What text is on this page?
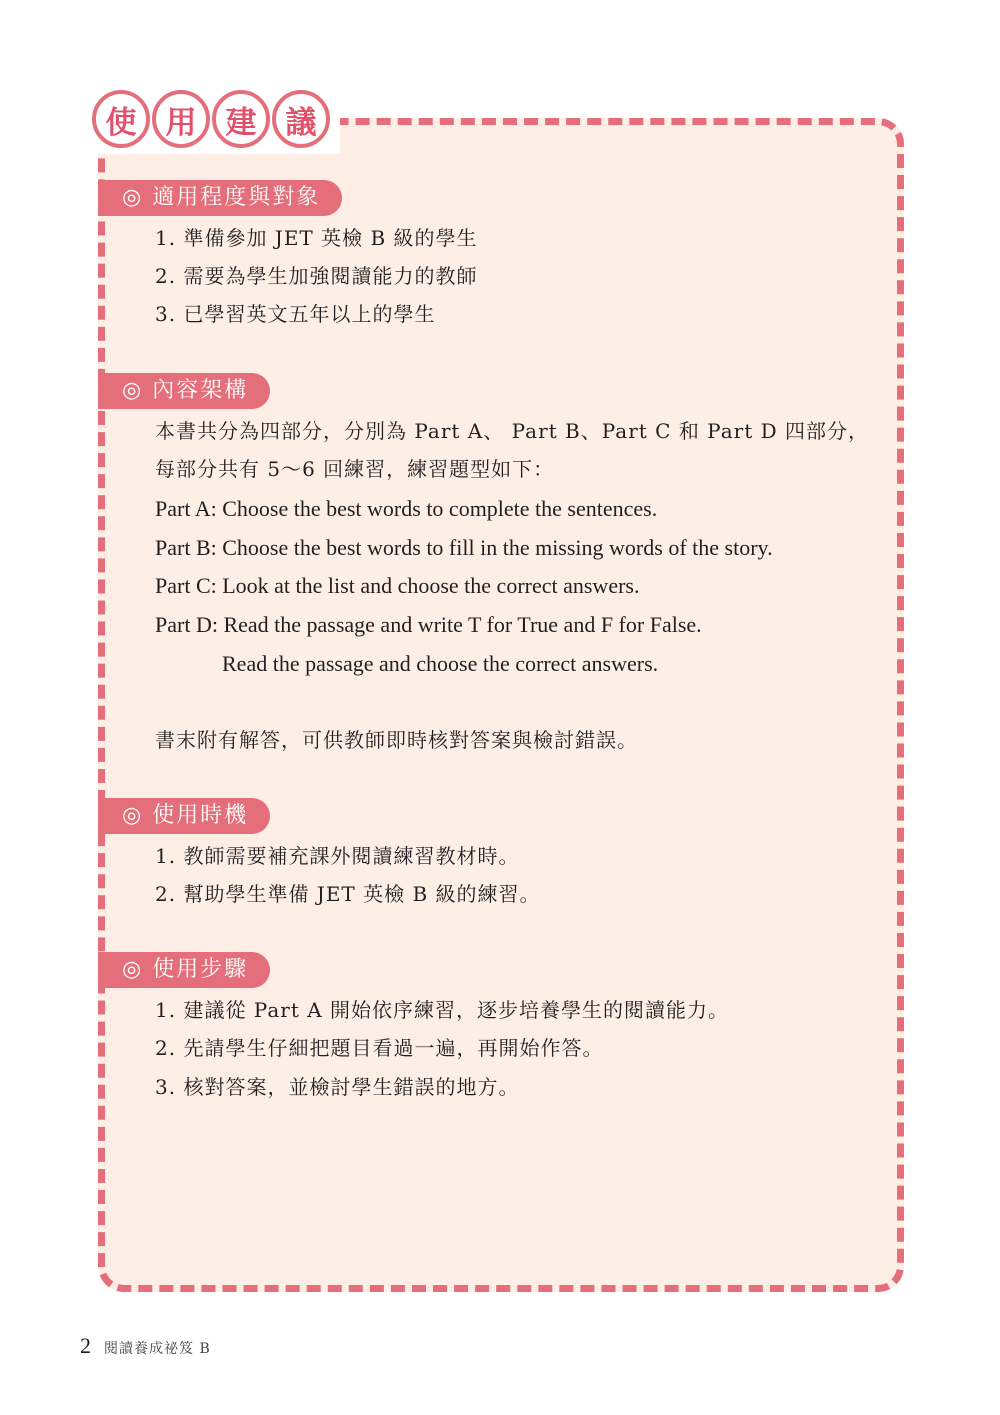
使 用 建 議
◎ 適用程度與對象
1. 準備參加 JET 英檢 B 級的學生
2. 需要為學生加強閱讀能力的教師
3. 已學習英文五年以上的學生
◎ 內容架構
本書共分為四部分，分別為 Part A、 Part B、Part C 和 Part D 四部分，
每部分共有 5～6 回練習，練習題型如下：
Part A: Choose the best words to complete the sentences.
Part B: Choose the best words to fill in the missing words of the story.
Part C: Look at the list and choose the correct answers.
Part D: Read the passage and write T for True and F for False.
Read the passage and choose the correct answers.
書末附有解答，可供教師即時核對答案與檢討錯誤。
◎ 使用時機
1. 教師需要補充課外閱讀練習教材時。
2. 幫助學生準備 JET 英檢 B 級的練習。
◎ 使用步驟
1. 建議從 Part A 開始依序練習，逐步培養學生的閱讀能力。
2. 先請學生仔細把題目看過一遍，再開始作答。
3. 核對答案，並檢討學生錯誤的地方。
2 閱讀養成祕笈 B
